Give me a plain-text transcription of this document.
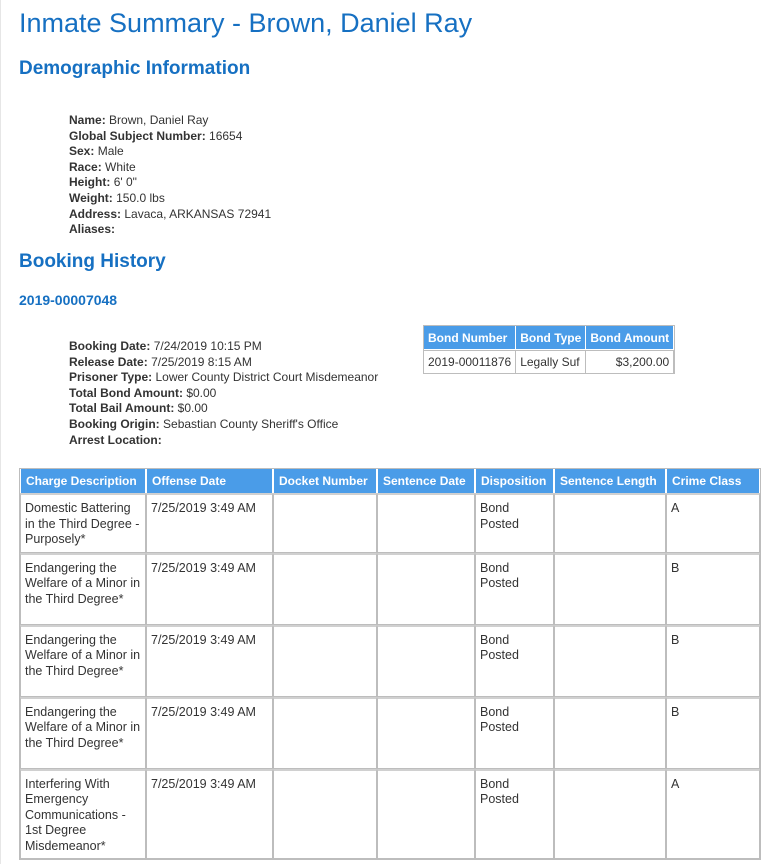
Inmate Summary - Brown, Daniel Ray
Demographic Information
Name: Brown, Daniel Ray
Global Subject Number: 16654
Sex: Male
Race: White
Height: 6' 0"
Weight: 150.0 lbs
Address: Lavaca, ARKANSAS 72941
Aliases:
Booking History
2019-00007048
Booking Date: 7/24/2019 10:15 PM
Release Date: 7/25/2019 8:15 AM
Prisoner Type: Lower County District Court Misdemeanor
Total Bond Amount: $0.00
Total Bail Amount: $0.00
Booking Origin: Sebastian County Sheriff's Office
Arrest Location:
Bond Number	Bond Type	Bond Amount
2019-00011876	Legally Suf	$3,200.00
Charge Description	Offense Date	Docket Number	Sentence Date	Disposition	Sentence Length	Crime Class
Domestic Battering in the Third Degree - Purposely*	7/25/2019 3:49 AM			Bond Posted		A
Endangering the Welfare of a Minor in the Third Degree*	7/25/2019 3:49 AM			Bond Posted		B
Endangering the Welfare of a Minor in the Third Degree*	7/25/2019 3:49 AM			Bond Posted		B
Endangering the Welfare of a Minor in the Third Degree*	7/25/2019 3:49 AM			Bond Posted		B
Interfering With Emergency Communications - 1st Degree Misdemeanor*	7/25/2019 3:49 AM			Bond Posted		A
